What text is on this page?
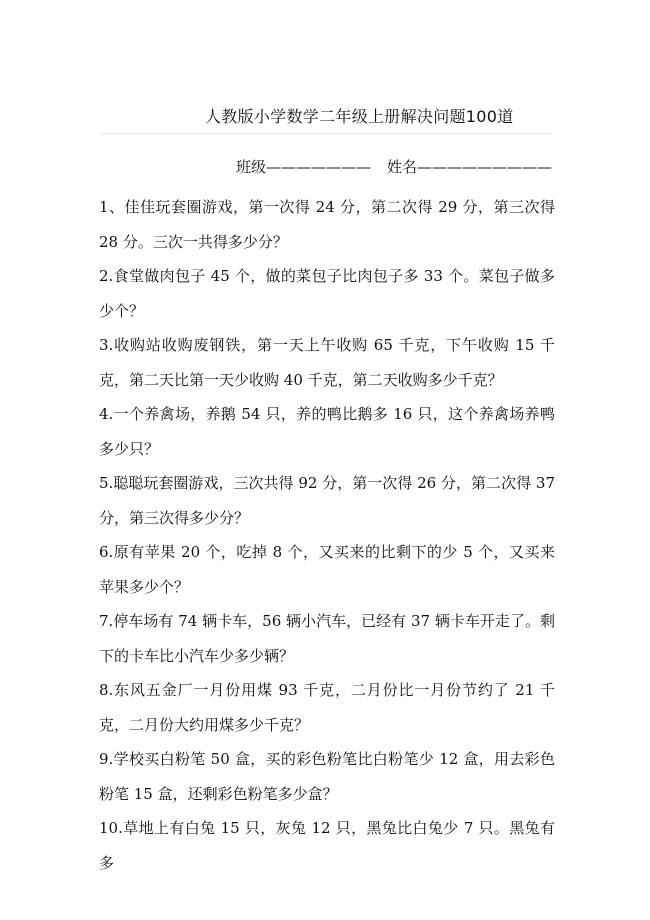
人教版小学数学二年级上册解决问题100道
班级——————— 姓名—————————
1、佳佳玩套圈游戏，第一次得 24 分，第二次得 29 分，第三次得 28 分。三次一共得多少分？
2.食堂做肉包子 45 个，做的菜包子比肉包子多 33 个。菜包子做多少个？
3.收购站收购废钢铁，第一天上午收购 65 千克，下午收购 15 千克，第二天比第一天少收购 40 千克，第二天收购多少千克？
4.一个养禽场，养鹅 54 只，养的鸭比鹅多 16 只，这个养禽场养鸭多少只？
5.聪聪玩套圈游戏，三次共得 92 分，第一次得 26 分，第二次得 37 分，第三次得多少分？
6.原有苹果 20 个，吃掉 8 个，又买来的比剩下的少 5 个，又买来苹果多少个？
7.停车场有 74 辆卡车，56 辆小汽车，已经有 37 辆卡车开走了。剩下的卡车比小汽车少多少辆？
8.东风五金厂一月份用煤 93 千克，二月份比一月份节约了 21 千克，二月份大约用煤多少千克？
9.学校买白粉笔 50 盒，买的彩色粉笔比白粉笔少 12 盒，用去彩色粉笔 15 盒，还剩彩色粉笔多少盒？
10.草地上有白兔 15 只，灰兔 12 只，黑兔比白兔少 7 只。黑兔有多
